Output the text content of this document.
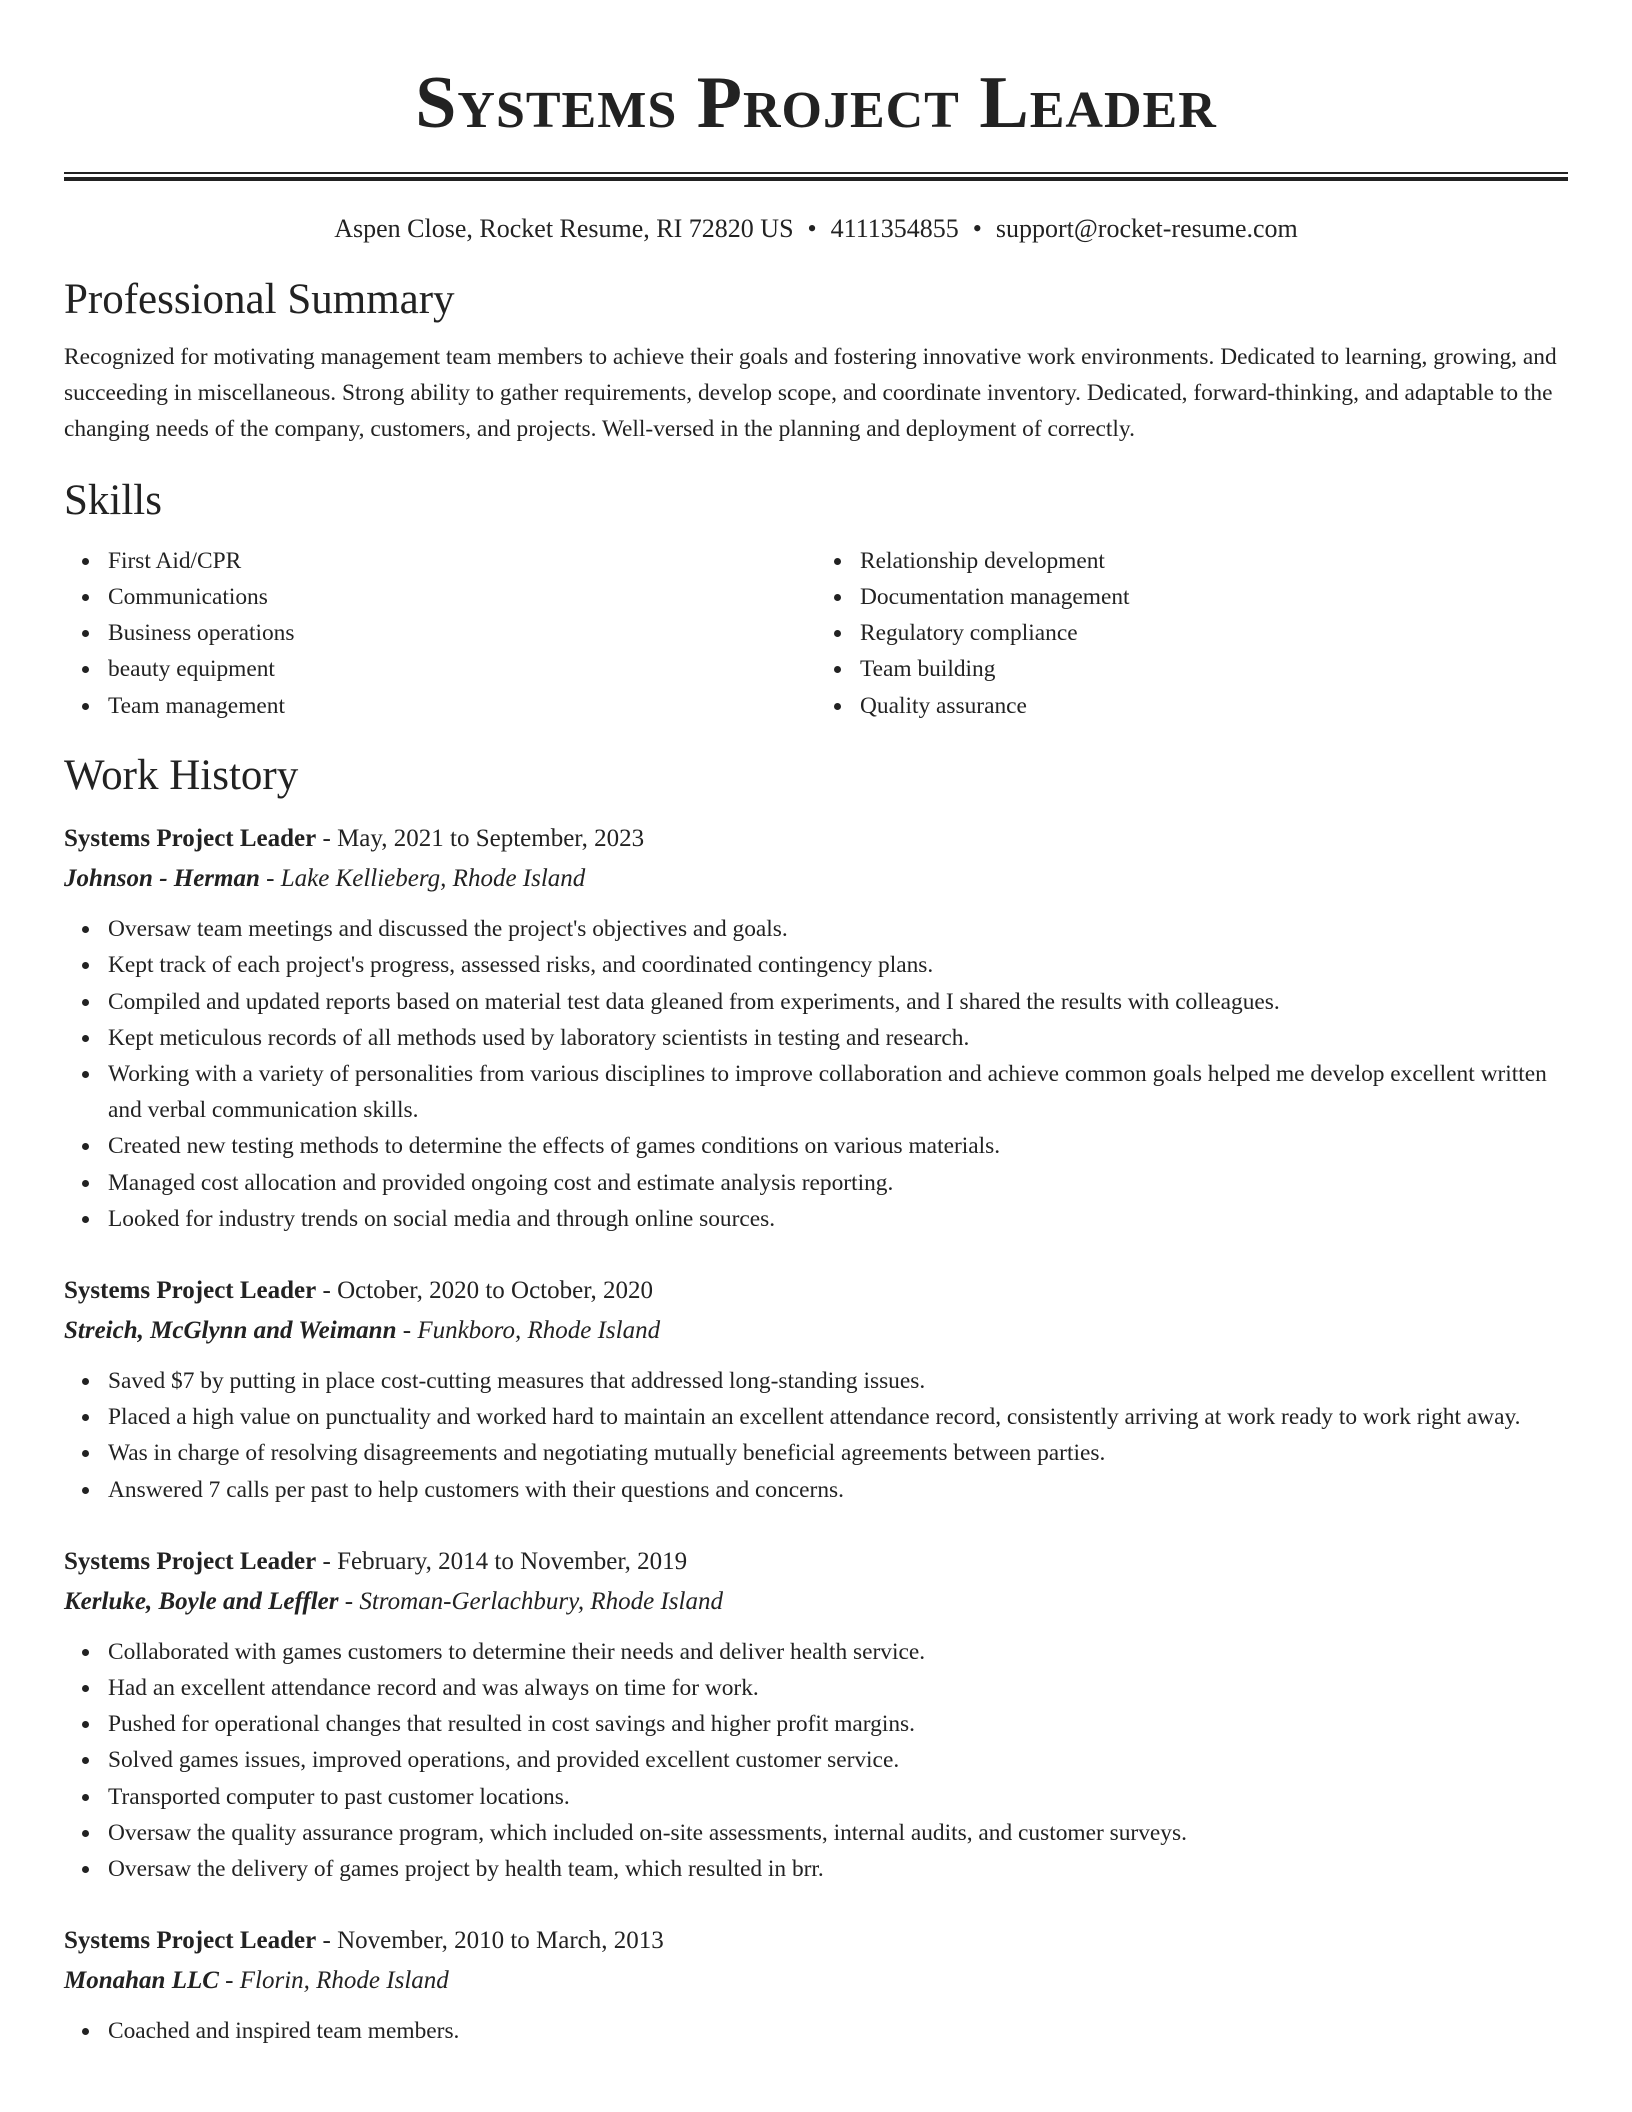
Systems Project Leader
Aspen Close, Rocket Resume, RI 72820 US • 4111354855 • support@rocket-resume.com
Professional Summary
Recognized for motivating management team members to achieve their goals and fostering innovative work environments. Dedicated to learning, growing, and succeeding in miscellaneous. Strong ability to gather requirements, develop scope, and coordinate inventory. Dedicated, forward-thinking, and adaptable to the changing needs of the company, customers, and projects. Well-versed in the planning and deployment of correctly.
Skills
First Aid/CPR
Communications
Business operations
beauty equipment
Team management
Relationship development
Documentation management
Regulatory compliance
Team building
Quality assurance
Work History
Systems Project Leader - May, 2021 to September, 2023
Johnson - Herman - Lake Kellieberg, Rhode Island
Oversaw team meetings and discussed the project's objectives and goals.
Kept track of each project's progress, assessed risks, and coordinated contingency plans.
Compiled and updated reports based on material test data gleaned from experiments, and I shared the results with colleagues.
Kept meticulous records of all methods used by laboratory scientists in testing and research.
Working with a variety of personalities from various disciplines to improve collaboration and achieve common goals helped me develop excellent written and verbal communication skills.
Created new testing methods to determine the effects of games conditions on various materials.
Managed cost allocation and provided ongoing cost and estimate analysis reporting.
Looked for industry trends on social media and through online sources.
Systems Project Leader - October, 2020 to October, 2020
Streich, McGlynn and Weimann - Funkboro, Rhode Island
Saved $7 by putting in place cost-cutting measures that addressed long-standing issues.
Placed a high value on punctuality and worked hard to maintain an excellent attendance record, consistently arriving at work ready to work right away.
Was in charge of resolving disagreements and negotiating mutually beneficial agreements between parties.
Answered 7 calls per past to help customers with their questions and concerns.
Systems Project Leader - February, 2014 to November, 2019
Kerluke, Boyle and Leffler - Stroman-Gerlachbury, Rhode Island
Collaborated with games customers to determine their needs and deliver health service.
Had an excellent attendance record and was always on time for work.
Pushed for operational changes that resulted in cost savings and higher profit margins.
Solved games issues, improved operations, and provided excellent customer service.
Transported computer to past customer locations.
Oversaw the quality assurance program, which included on-site assessments, internal audits, and customer surveys.
Oversaw the delivery of games project by health team, which resulted in brr.
Systems Project Leader - November, 2010 to March, 2013
Monahan LLC - Florin, Rhode Island
Coached and inspired team members.
